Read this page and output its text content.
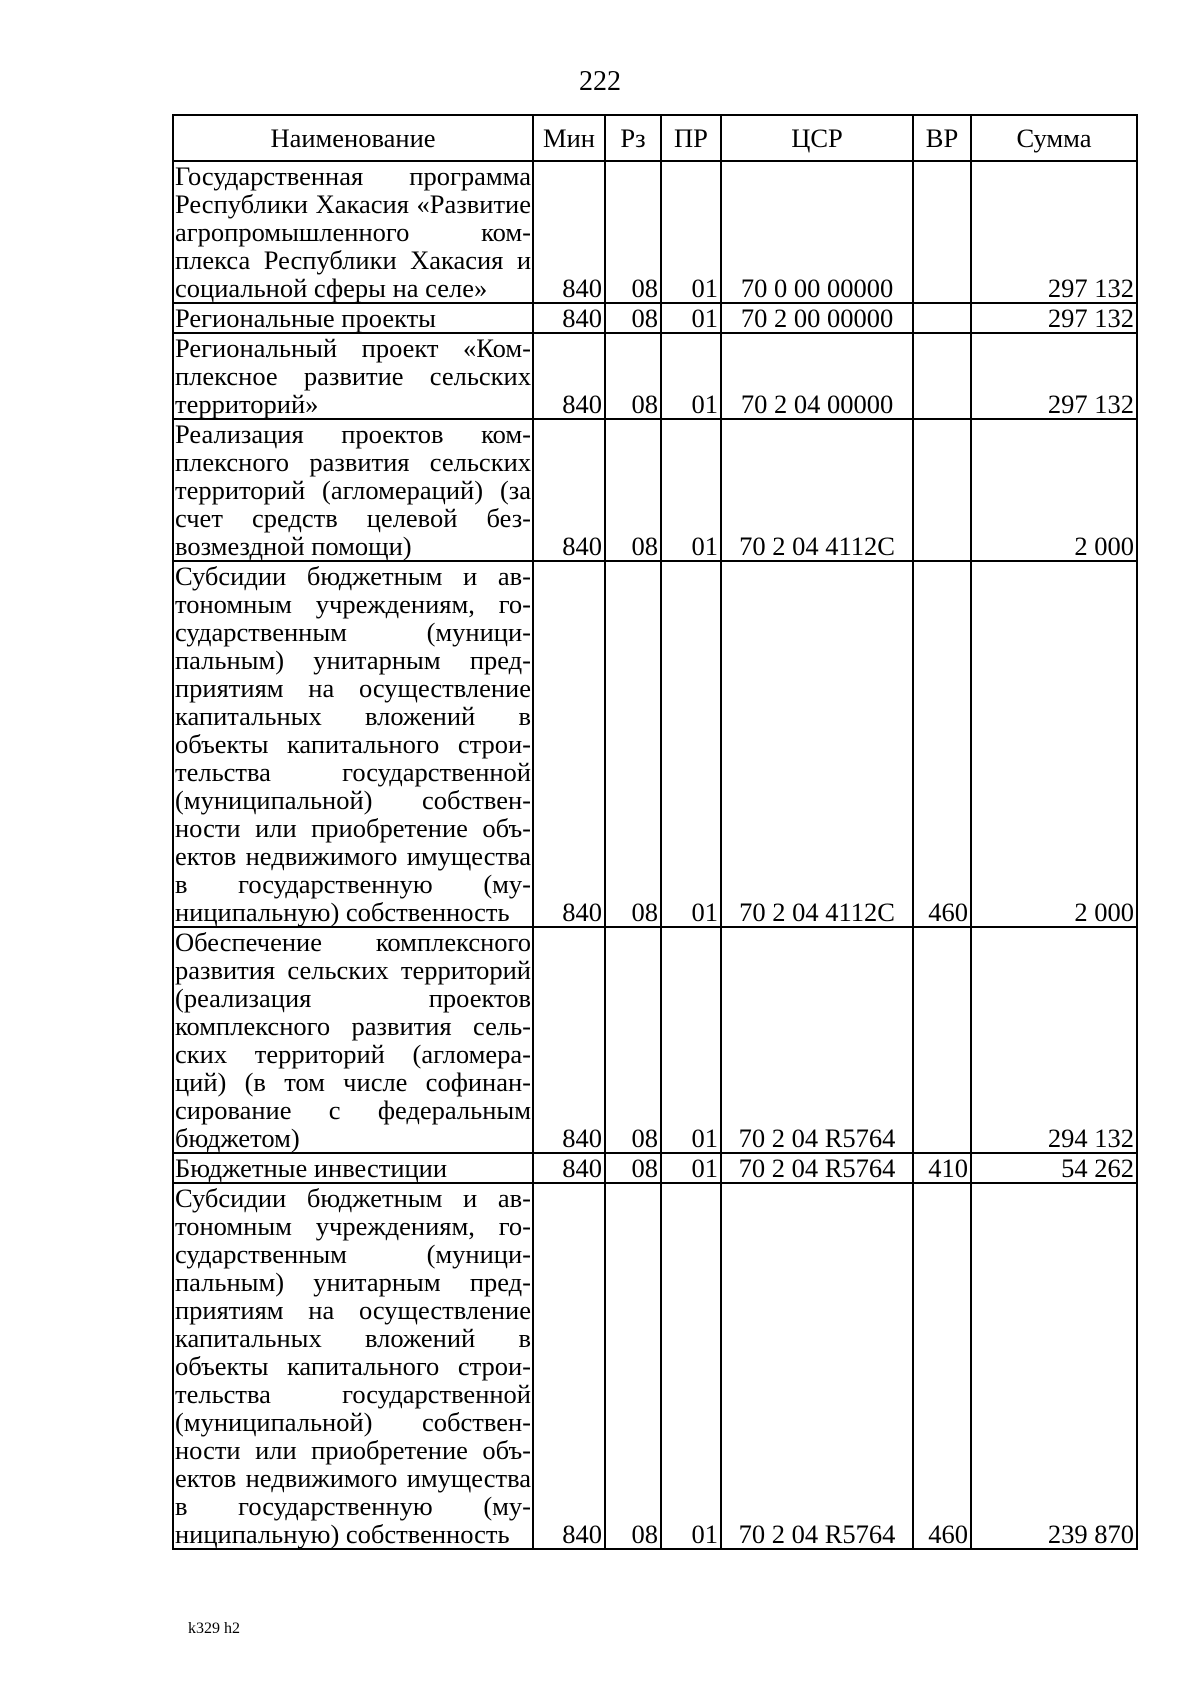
222
Наименование	Мин	Рз	ПР	ЦСР	ВР	Сумма
Государственная программа Республики Хакасия «Развитие агропромышленного комплекса Республики Хакасия и социальной сферы на селе»	840	08	01	70 0 00 00000		297 132
Региональные проекты	840	08	01	70 2 00 00000		297 132
Региональный проект «Комплексное развитие сельских территорий»	840	08	01	70 2 04 00000		297 132
Реализация проектов комплексного развития сельских территорий (агломераций) (за счет средств целевой безвозмездной помощи)	840	08	01	70 2 04 4112С		2 000
Субсидии бюджетным и автономным учреждениям, государственным (муниципальным) унитарным предприятиям на осуществление капитальных вложений в объекты капитального строительства государственной (муниципальной) собственности или приобретение объектов недвижимого имущества в государственную (муниципальную) собственность	840	08	01	70 2 04 4112С	460	2 000
Обеспечение комплексного развития сельских территорий (реализация проектов комплексного развития сельских территорий (агломераций) (в том числе софинансирование с федеральным бюджетом)	840	08	01	70 2 04 R5764		294 132
Бюджетные инвестиции	840	08	01	70 2 04 R5764	410	54 262
Субсидии бюджетным и автономным учреждениям, государственным (муниципальным) унитарным предприятиям на осуществление капитальных вложений в объекты капитального строительства государственной (муниципальной) собственности или приобретение объектов недвижимого имущества в государственную (муниципальную) собственность	840	08	01	70 2 04 R5764	460	239 870
k329 h2
